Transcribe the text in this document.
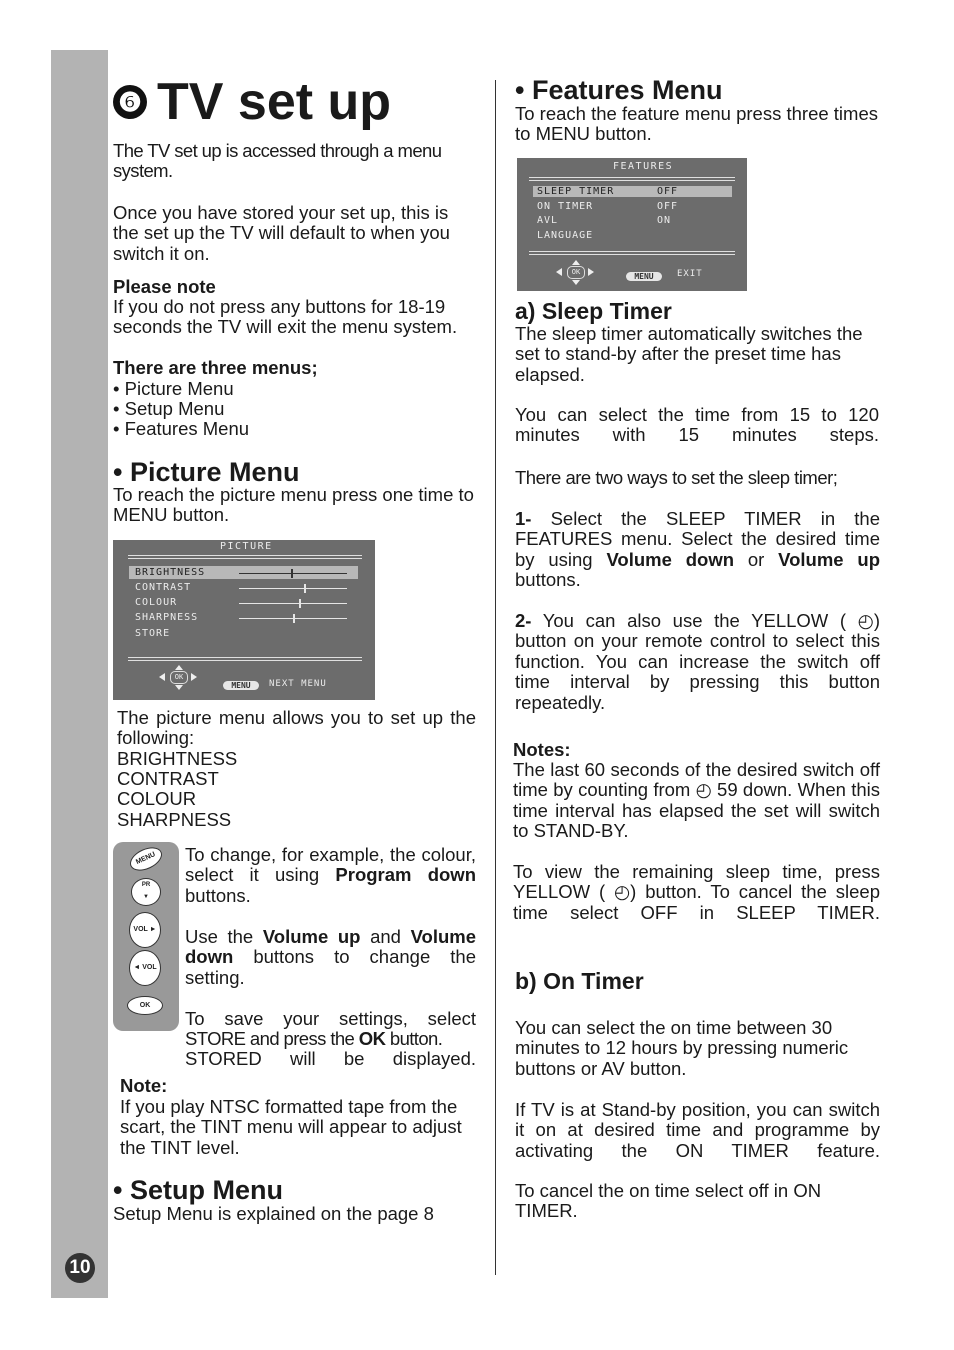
10
❻ TV set up

The TV set up is accessed through a menu system.

Once you have stored your set up, this is the set up the TV will default to when you switch it on.

Please note

If you do not press any buttons for 18-19 seconds the TV will exit the menu system.

There are three menus;

• Picture Menu

• Setup Menu

• Features Menu

• Picture Menu

To reach the picture menu press one time to MENU button.

PICTURE
BRIGHTNESS
CONTRAST
COLOUR
SHARPNESS
STORE
OK
MENU	NEXT MENU

The picture menu allows you to set up the following:

BRIGHTNESS

CONTRAST

COLOUR

SHARPNESS

MENU
PR
▼
VOL ►
◄ VOL
OK

To change, for example, the colour, select it using Program down buttons.

Use the Volume up and Volume down buttons to change the setting.

To save your settings, select

STORE and press the OK button.

STORED will be displayed.

Note:

If you play NTSC formatted tape from the scart, the TINT menu will appear to adjust the TINT level.

• Setup Menu

Setup Menu is explained on the page 8

• Features Menu

To reach the feature menu press three times to MENU button.

FEATURES
SLEEP TIMER	OFF
ON TIMER	OFF
AVL	ON
LANGUAGE
OK	MENU	EXIT
a) Sleep Timer

The sleep timer automatically switches the set to stand-by after the preset time has elapsed.

You can select the time from 15 to 120 minutes with 15 minutes steps.

There are two ways to set the sleep timer;

1- Select the SLEEP TIMER in the FEATURES menu. Select the desired time by using Volume down or Volume up buttons.

2- You can also use the YELLOW ( ◴) button on your remote control to select this function. You can increase the switch off time interval by pressing this button repeatedly.

Notes:

The last 60 seconds of the desired switch off time by counting from ◴ 59 down. When this time interval has elapsed the set will switch to STAND-BY.

To view the remaining sleep time, press YELLOW ( ◴) button. To cancel the sleep time select OFF in SLEEP TIMER.

b) On Timer

You can select the on time between 30 minutes to 12 hours by pressing numeric buttons or AV button.

If TV is at Stand-by position, you can switch it on at desired time and programme by activating the ON TIMER feature.

To cancel the on time select off in ON TIMER.
